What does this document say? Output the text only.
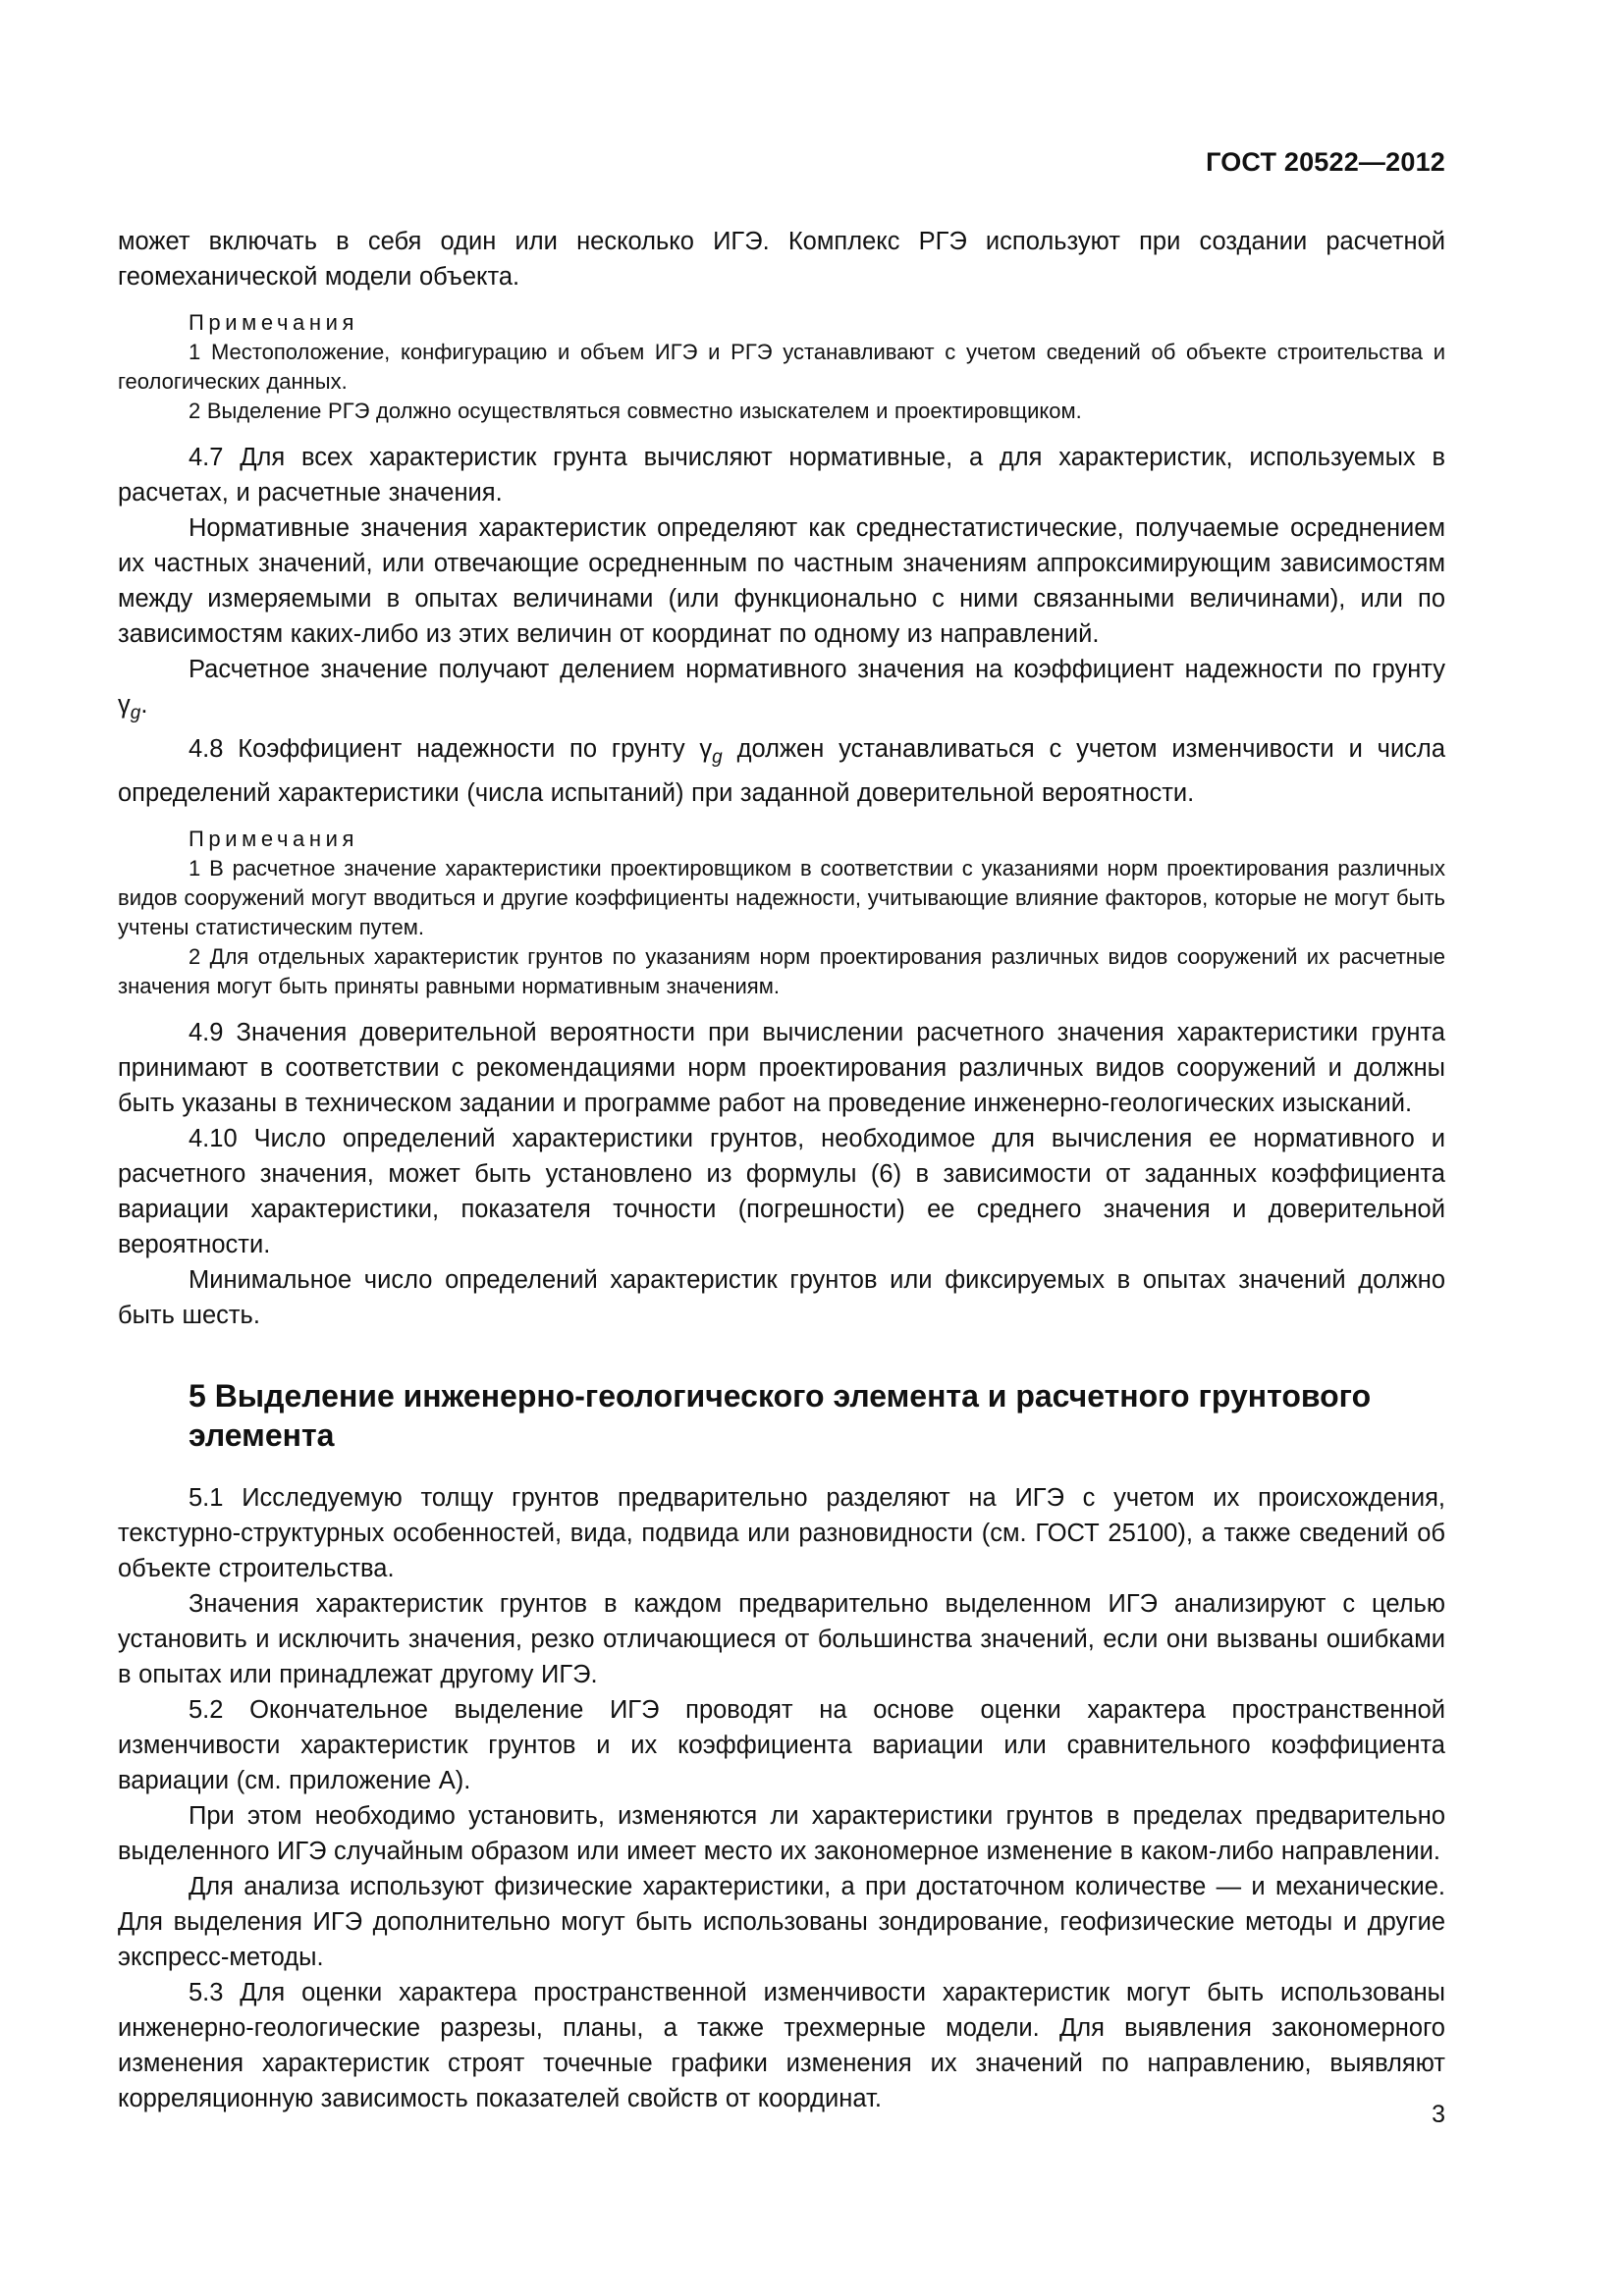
ГОСТ 20522—2012

может включать в себя один или несколько ИГЭ. Комплекс РГЭ используют при создании расчетной геомеханической модели объекта.

Примечания

1 Местоположение, конфигурацию и объем ИГЭ и РГЭ устанавливают с учетом сведений об объекте строительства и геологических данных.

2 Выделение РГЭ должно осуществляться совместно изыскателем и проектировщиком.

4.7 Для всех характеристик грунта вычисляют нормативные, а для характеристик, используемых в расчетах, и расчетные значения.

Нормативные значения характеристик определяют как среднестатистические, получаемые осреднением их частных значений, или отвечающие осредненным по частным значениям аппроксимирующим зависимостям между измеряемыми в опытах величинами (или функционально с ними связанными величинами), или по зависимостям каких-либо из этих величин от координат по одному из направлений.

Расчетное значение получают делением нормативного значения на коэффициент надежности по грунту $\gamma_g$.

4.8 Коэффициент надежности по грунту $\gamma_g$ должен устанавливаться с учетом изменчивости и числа определений характеристики (числа испытаний) при заданной доверительной вероятности.

Примечания

1 В расчетное значение характеристики проектировщиком в соответствии с указаниями норм проектирования различных видов сооружений могут вводиться и другие коэффициенты надежности, учитывающие влияние факторов, которые не могут быть учтены статистическим путем.

2 Для отдельных характеристик грунтов по указаниям норм проектирования различных видов сооружений их расчетные значения могут быть приняты равными нормативным значениям.

4.9 Значения доверительной вероятности при вычислении расчетного значения характеристики грунта принимают в соответствии с рекомендациями норм проектирования различных видов сооружений и должны быть указаны в техническом задании и программе работ на проведение инженерно-геологических изысканий.

4.10 Число определений характеристики грунтов, необходимое для вычисления ее нормативного и расчетного значения, может быть установлено из формулы (6) в зависимости от заданных коэффициента вариации характеристики, показателя точности (погрешности) ее среднего значения и доверительной вероятности.

Минимальное число определений характеристик грунтов или фиксируемых в опытах значений должно быть шесть.

5 Выделение инженерно-геологического элемента и расчетного грунтового элемента

5.1 Исследуемую толщу грунтов предварительно разделяют на ИГЭ с учетом их происхождения, текстурно-структурных особенностей, вида, подвида или разновидности (см. ГОСТ 25100), а также сведений об объекте строительства.

Значения характеристик грунтов в каждом предварительно выделенном ИГЭ анализируют с целью установить и исключить значения, резко отличающиеся от большинства значений, если они вызваны ошибками в опытах или принадлежат другому ИГЭ.

5.2 Окончательное выделение ИГЭ проводят на основе оценки характера пространственной изменчивости характеристик грунтов и их коэффициента вариации или сравнительного коэффициента вариации (см. приложение А).

При этом необходимо установить, изменяются ли характеристики грунтов в пределах предварительно выделенного ИГЭ случайным образом или имеет место их закономерное изменение в каком-либо направлении.

Для анализа используют физические характеристики, а при достаточном количестве — и механические. Для выделения ИГЭ дополнительно могут быть использованы зондирование, геофизические методы и другие экспресс-методы.

5.3 Для оценки характера пространственной изменчивости характеристик могут быть использованы инженерно-геологические разрезы, планы, а также трехмерные модели. Для выявления закономерного изменения характеристик строят точечные графики изменения их значений по направлению, выявляют корреляционную зависимость показателей свойств от координат.

3
